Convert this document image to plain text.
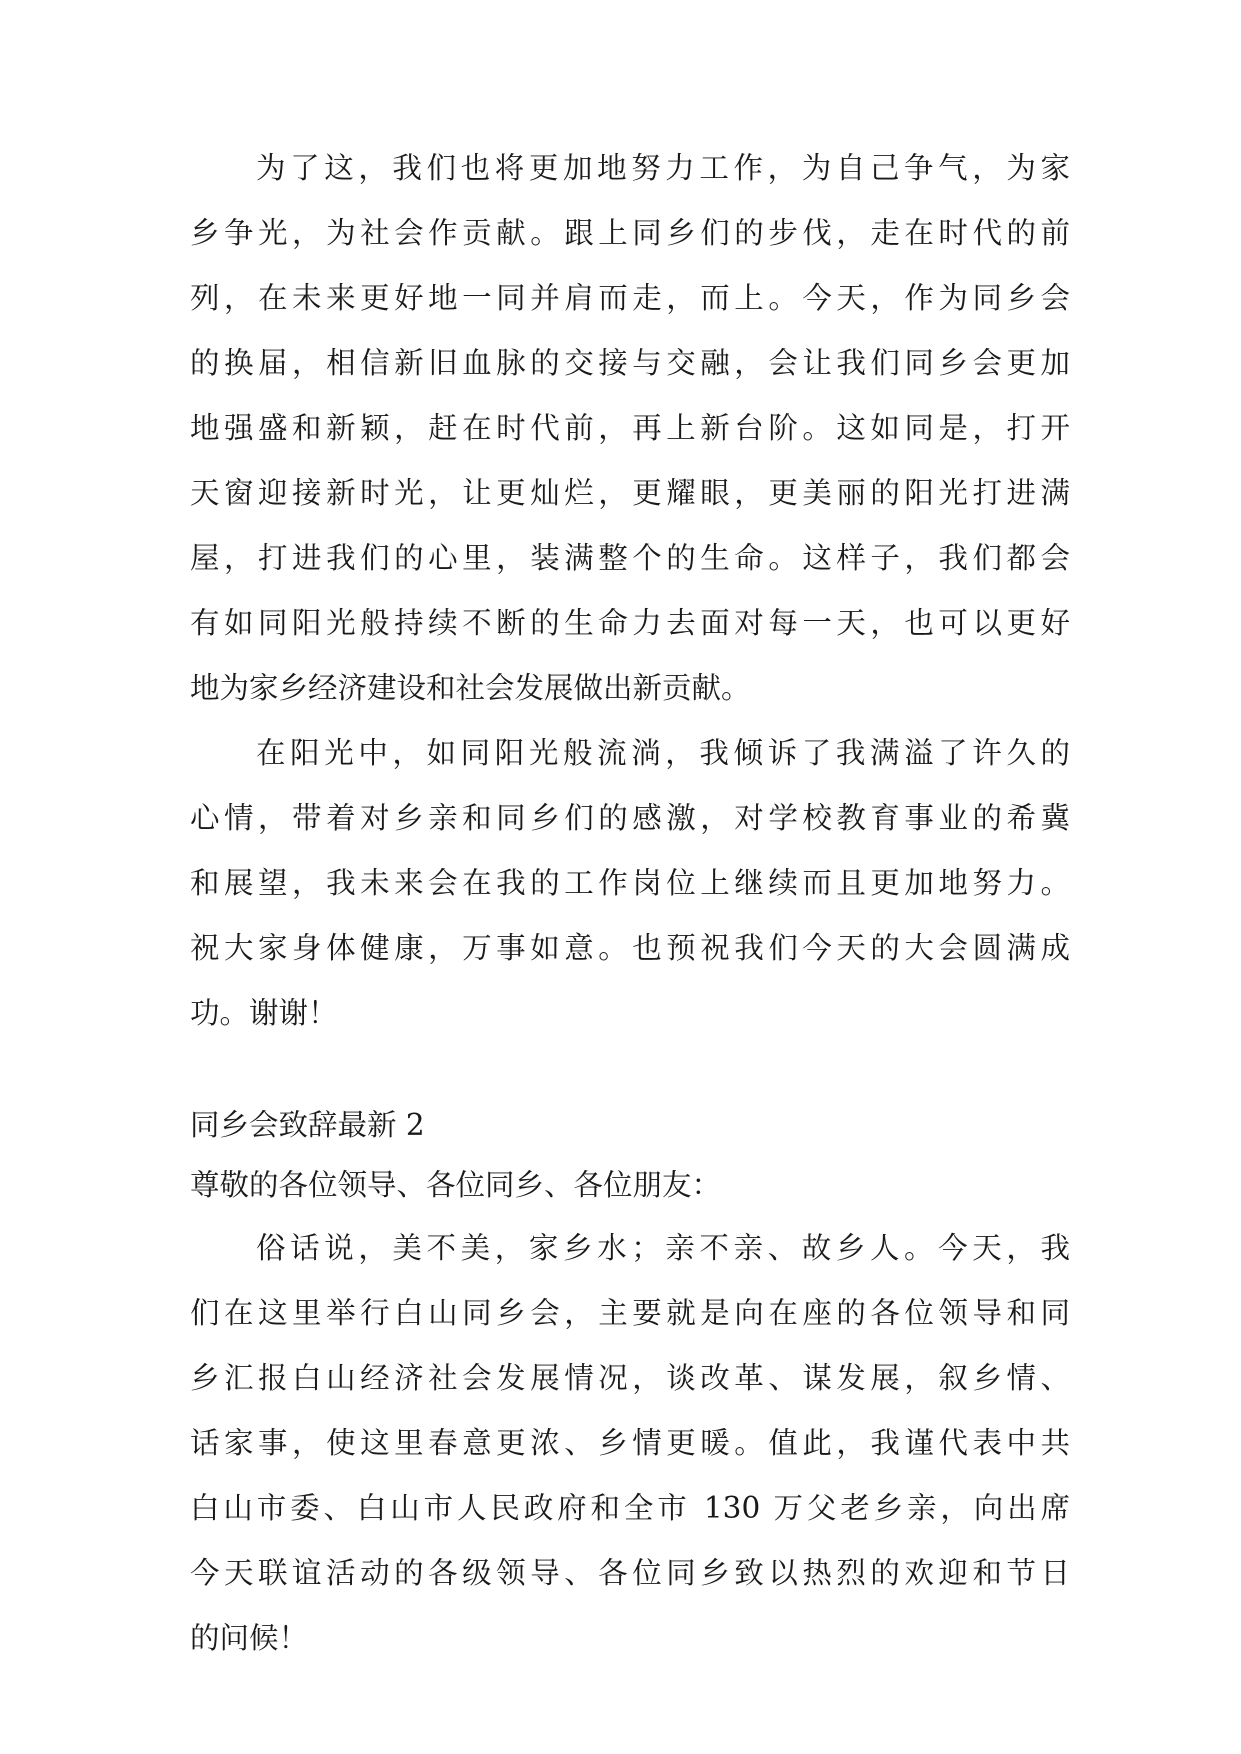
为了这，我们也将更加地努力工作，为自己争气，为家
乡争光，为社会作贡献。跟上同乡们的步伐，走在时代的前
列，在未来更好地一同并肩而走，而上。今天，作为同乡会
的换届，相信新旧血脉的交接与交融，会让我们同乡会更加
地强盛和新颖，赶在时代前，再上新台阶。这如同是，打开
天窗迎接新时光，让更灿烂，更耀眼，更美丽的阳光打进满
屋，打进我们的心里，装满整个的生命。这样子，我们都会
有如同阳光般持续不断的生命力去面对每一天，也可以更好
地为家乡经济建设和社会发展做出新贡献。
在阳光中，如同阳光般流淌，我倾诉了我满溢了许久的
心情，带着对乡亲和同乡们的感激，对学校教育事业的希冀
和展望，我未来会在我的工作岗位上继续而且更加地努力。
祝大家身体健康，万事如意。也预祝我们今天的大会圆满成
功。谢谢！
同乡会致辞最新 2
尊敬的各位领导、各位同乡、各位朋友：
俗话说，美不美，家乡水；亲不亲、故乡人。今天，我
们在这里举行白山同乡会，主要就是向在座的各位领导和同
乡汇报白山经济社会发展情况，谈改革、谋发展，叙乡情、
话家事，使这里春意更浓、乡情更暖。值此，我谨代表中共
白山市委、白山市人民政府和全市 130 万父老乡亲，向出席
今天联谊活动的各级领导、各位同乡致以热烈的欢迎和节日
的问候！
